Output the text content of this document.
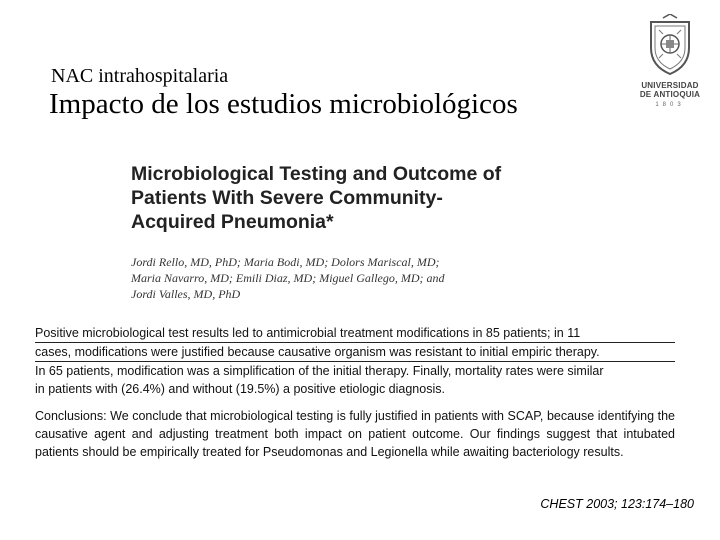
NAC intrahospitalaria
Impacto de los estudios microbiológicos
UNIVERSIDAD
DE ANTIOQUIA
1803
Microbiological Testing and Outcome of
Patients With Severe Community-
Acquired Pneumonia*
Jordi Rello, MD, PhD; Maria Bodi, MD; Dolors Mariscal, MD;
Maria Navarro, MD; Emili Diaz, MD; Miguel Gallego, MD; and
Jordi Valles, MD, PhD
Positive microbiological test results led to antimicrobial treatment modifications in 85 patients; in 11
cases, modifications were justified because causative organism was resistant to initial empiric therapy.
In 65 patients, modification was a simplification of the initial therapy. Finally, mortality rates were similar
in patients with (26.4%) and without (19.5%) a positive etiologic diagnosis.
Conclusions: We conclude that microbiological testing is fully justified in patients with SCAP, because identifying the causative agent and adjusting treatment both impact on patient outcome. Our findings suggest that intubated patients should be empirically treated for Pseudomonas and Legionella while awaiting bacteriology results.
CHEST 2003; 123:174–180
